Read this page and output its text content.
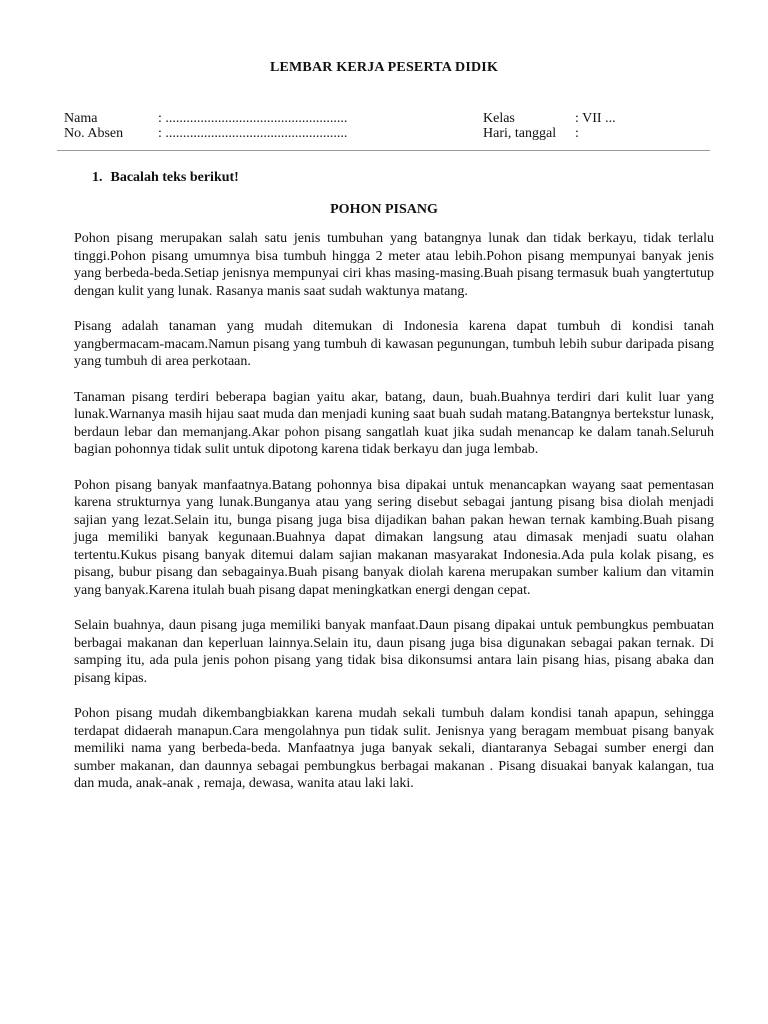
LEMBAR KERJA PESERTA DIDIK
Nama	: ....................................................
No. Absen : ....................................................
Kelas	: VII ...
Hari, tanggal :
1. Bacalah teks berikut!
POHON PISANG

Pohon pisang merupakan salah satu jenis tumbuhan yang batangnya lunak dan tidak berkayu, tidak terlalu tinggi.Pohon pisang umumnya bisa tumbuh hingga 2 meter atau lebih.Pohon pisang mempunyai banyak jenis yang berbeda-beda.Setiap jenisnya mempunyai ciri khas masing-masing.Buah pisang termasuk buah yangtertutup dengan kulit yang lunak. Rasanya manis saat sudah waktunya matang.

Pisang adalah tanaman yang mudah ditemukan di Indonesia karena dapat tumbuh di kondisi tanah yangbermacam-macam.Namun pisang yang tumbuh di kawasan pegunungan, tumbuh lebih subur daripada pisang yang tumbuh di area perkotaan.

Tanaman pisang terdiri beberapa bagian yaitu akar, batang, daun, buah.Buahnya terdiri dari kulit luar yang lunak.Warnanya masih hijau saat muda dan menjadi kuning saat buah sudah matang.Batangnya bertekstur lunask, berdaun lebar dan memanjang.Akar pohon pisang sangatlah kuat jika sudah menancap ke dalam tanah.Seluruh bagian pohonnya tidak sulit untuk dipotong karena tidak berkayu dan juga lembab.

Pohon pisang banyak manfaatnya.Batang pohonnya bisa dipakai untuk menancapkan wayang saat pementasan karena strukturnya yang lunak.Bunganya atau yang sering disebut sebagai jantung pisang bisa diolah menjadi sajian yang lezat.Selain itu, bunga pisang juga bisa dijadikan bahan pakan hewan ternak kambing.Buah pisang juga memiliki banyak kegunaan.Buahnya dapat dimakan langsung atau dimasak menjadi suatu olahan tertentu.Kukus pisang banyak ditemui dalam sajian makanan masyarakat Indonesia.Ada pula kolak pisang, es pisang, bubur pisang dan sebagainya.Buah pisang banyak diolah karena merupakan sumber kalium dan vitamin yang banyak.Karena itulah buah pisang dapat meningkatkan energi dengan cepat.

Selain buahnya, daun pisang juga memiliki banyak manfaat.Daun pisang dipakai untuk pembungkus pembuatan berbagai makanan dan keperluan lainnya.Selain itu, daun pisang juga bisa digunakan sebagai pakan ternak. Di samping itu, ada pula jenis pohon pisang yang tidak bisa dikonsumsi antara lain pisang hias, pisang abaka dan pisang kipas.

Pohon pisang mudah dikembangbiakkan karena mudah sekali tumbuh dalam kondisi tanah apapun, sehingga terdapat didaerah manapun.Cara mengolahnya pun tidak sulit. Jenisnya yang beragam membuat pisang banyak memiliki nama yang berbeda-beda. Manfaatnya juga banyak sekali, diantaranya Sebagai sumber energi dan sumber makanan, dan daunnya sebagai pembungkus berbagai makanan . Pisang disuakai banyak kalangan, tua dan muda, anak-anak , remaja, dewasa, wanita atau laki laki.
